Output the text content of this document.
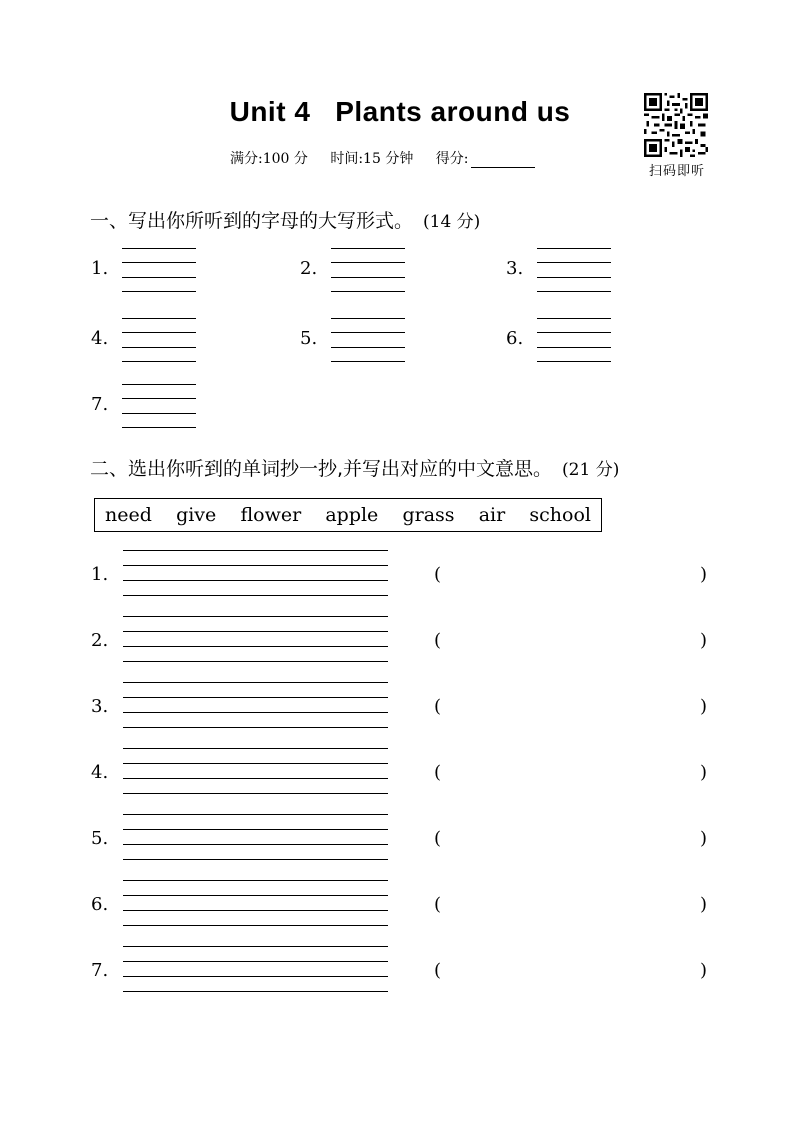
Unit 4   Plants around us
满分:100 分 时间:15 分钟 得分:
扫码即听
一、写出你所听到的字母的大写形式。 (14 分)
1.	2.	3.
4.	5.	6.
7.
二、选出你听到的单词抄一抄,并写出对应的中文意思。 (21 分)
need give flower apple grass air school
1.	(	)
2.	(	)
3.	(	)
4.	(	)
5.	(	)
6.	(	)
7.	(	)
